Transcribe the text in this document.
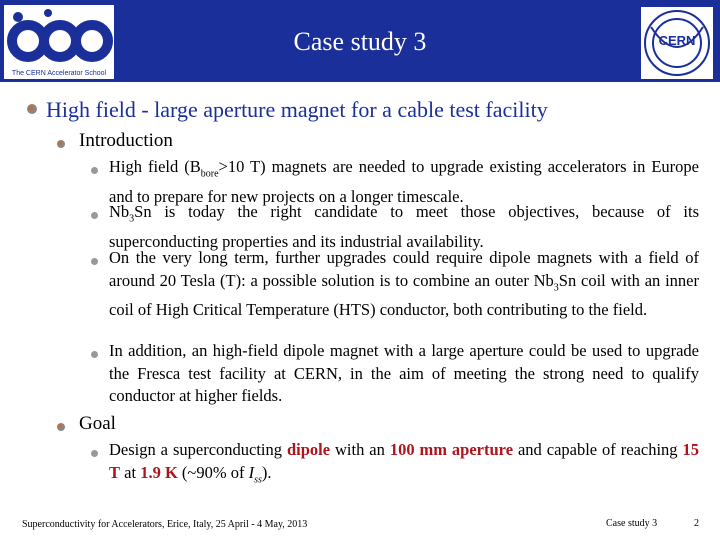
The CERN Accelerator School
Case study 3	CERN
High field - large aperture magnet for a cable test facility
Introduction
High field ($B_{bore}>10$ T) magnets are needed to upgrade existing accelerators in Europe and to prepare for new projects on a longer timescale.
$Nb_3Sn$ is today the right candidate to meet those objectives, because of its superconducting properties and its industrial availability.
On the very long term, further upgrades could require dipole magnets with a field of around 20 Tesla (T): a possible solution is to combine an outer $Nb_3Sn$ coil with an inner coil of High Critical Temperature (HTS) conductor, both contributing to the field.
In addition, an high-field dipole magnet with a large aperture could be used to upgrade the Fresca test facility at CERN, in the aim of meeting the strong need to qualify conductor at higher fields.
Goal
Design a superconducting dipole with an 100 mm aperture and capable of reaching 15 T at 1.9 K (~90% of $I_{ss}$).
Superconductivity for Accelerators, Erice, Italy, 25 April - 4 May, 2013	Case study 3	2
